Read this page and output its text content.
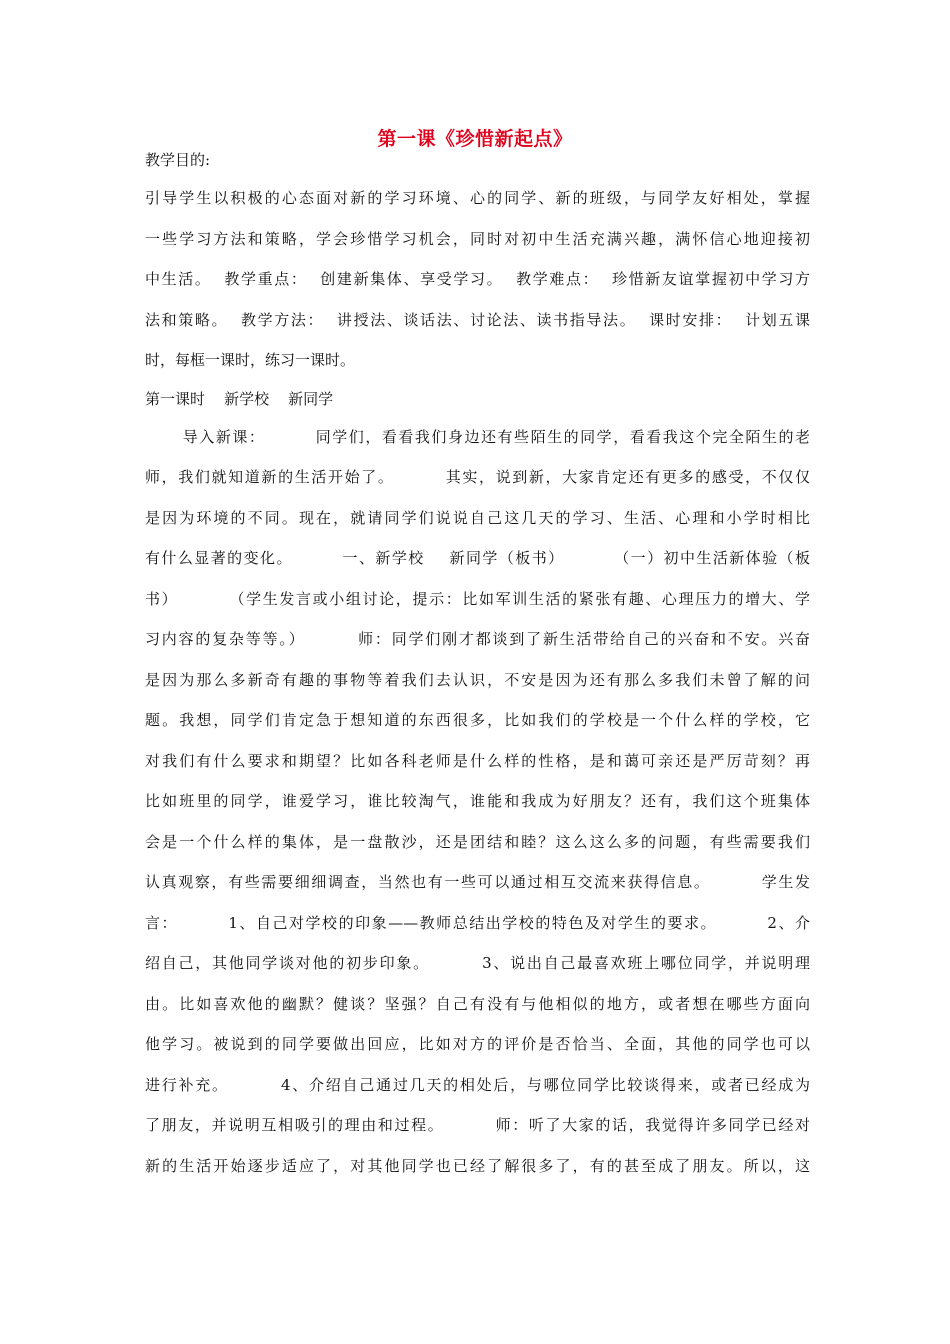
第一课《珍惜新起点》
教学目的:
引导学生以积极的心态面对新的学习环境、心的同学、新的班级，与同学友好相处，掌握
一些学习方法和策略，学会珍惜学习机会，同时对初中生活充满兴趣，满怀信心地迎接初
中生活。  教学重点：  创建新集体、享受学习。  教学难点：  珍惜新友谊掌握初中学习方
法和策略。  教学方法：  讲授法、谈话法、讨论法、读书指导法。  课时安排：  计划五课
时，每框一课时，练习一课时。
第一课时    新学校    新同学
导入新课：        同学们，看看我们身边还有些陌生的同学，看看我这个完全陌生的老
师，我们就知道新的生活开始了。        其实，说到新，大家肯定还有更多的感受，不仅仅
是因为环境的不同。现在，就请同学们说说自己这几天的学习、生活、心理和小学时相比
有什么显著的变化。        一、新学校    新同学（板书）        （一）初中生活新体验（板
书）        （学生发言或小组讨论，提示：比如军训生活的紧张有趣、心理压力的增大、学
习内容的复杂等等。）        师：同学们刚才都谈到了新生活带给自己的兴奋和不安。兴奋
是因为那么多新奇有趣的事物等着我们去认识，不安是因为还有那么多我们未曾了解的问
题。我想，同学们肯定急于想知道的东西很多，比如我们的学校是一个什么样的学校，它
对我们有什么要求和期望？比如各科老师是什么样的性格，是和蔼可亲还是严厉苛刻？再
比如班里的同学，谁爱学习，谁比较淘气，谁能和我成为好朋友？还有，我们这个班集体
会是一个什么样的集体，是一盘散沙，还是团结和睦？这么这么多的问题，有些需要我们
认真观察，有些需要细细调查，当然也有一些可以通过相互交流来获得信息。        学生发
言：        1、自己对学校的印象——教师总结出学校的特色及对学生的要求。        2、介
绍自己，其他同学谈对他的初步印象。        3、说出自己最喜欢班上哪位同学，并说明理
由。比如喜欢他的幽默？健谈？坚强？自己有没有与他相似的地方，或者想在哪些方面向
他学习。被说到的同学要做出回应，比如对方的评价是否恰当、全面，其他的同学也可以
进行补充。        4、介绍自己通过几天的相处后，与哪位同学比较谈得来，或者已经成为
了朋友，并说明互相吸引的理由和过程。        师：听了大家的话，我觉得许多同学已经对
新的生活开始逐步适应了，对其他同学也已经了解很多了，有的甚至成了朋友。所以，这
